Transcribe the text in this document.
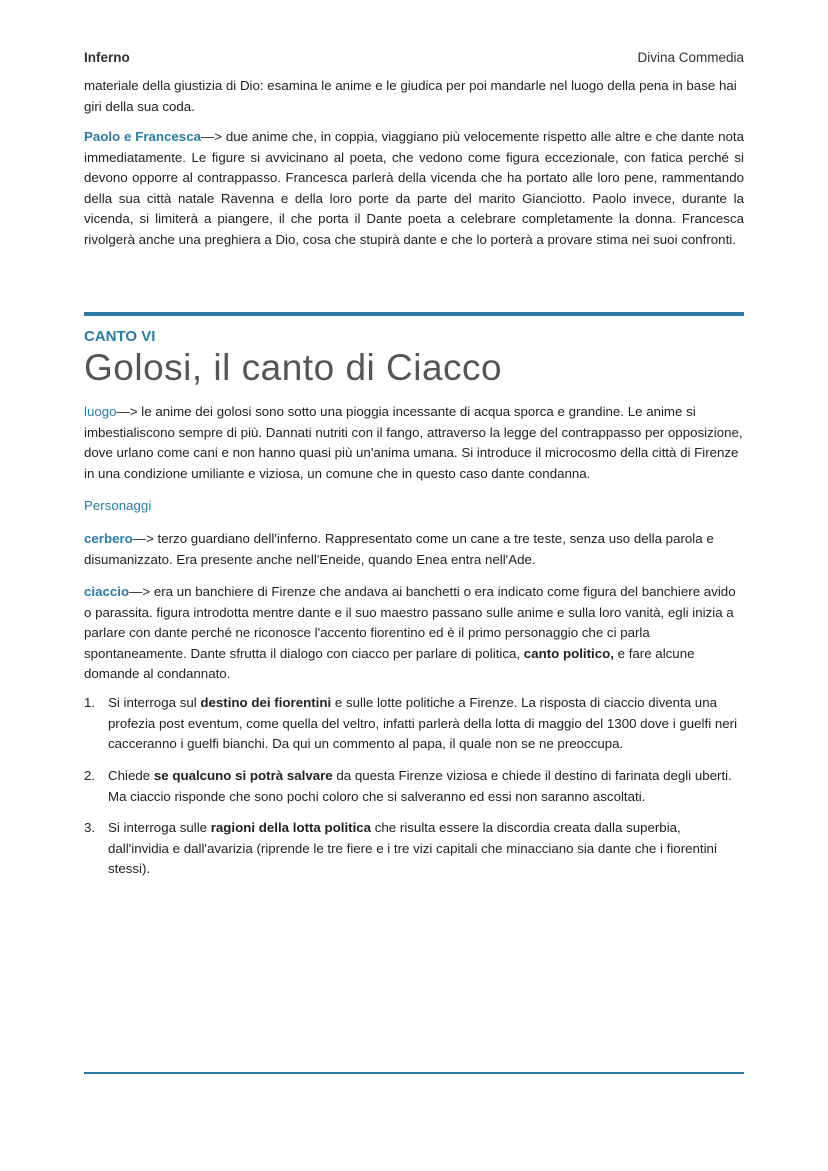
Inferno	Divina Commedia

materiale della giustizia di Dio: esamina le anime e le giudica per poi mandarle nel luogo della pena in base hai giri della sua coda.

Paolo e Francesca—> due anime che, in coppia, viaggiano più velocemente rispetto alle altre e che dante nota immediatamente. Le figure si avvicinano al poeta, che vedono come figura eccezionale, con fatica perché si devono opporre al contrappasso. Francesca parlerà della vicenda che ha portato alle loro pene, rammentando della sua città natale Ravenna e della loro porte da parte del marito Gianciotto. Paolo invece, durante la vicenda, si limiterà a piangere, il che porta il Dante poeta a celebrare completamente la donna. Francesca rivolgerà anche una preghiera a Dio, cosa che stupirà dante e che lo porterà a provare stima nei suoi confronti.

CANTO VI
Golosi, il canto di Ciacco

luogo—> le anime dei golosi sono sotto una pioggia incessante di acqua sporca e grandine. Le anime si imbestialiscono sempre di più. Dannati nutriti con il fango, attraverso la legge del contrappasso per opposizione, dove urlano come cani e non hanno quasi più un'anima umana. Si introduce il microcosmo della città di Firenze in una condizione umiliante e viziosa, un comune che in questo caso dante condanna.

Personaggi

cerbero—> terzo guardiano dell'inferno. Rappresentato come un cane a tre teste, senza uso della parola e disumanizzato. Era presente anche nell'Eneide, quando Enea entra nell'Ade.

ciaccio—> era un banchiere di Firenze che andava ai banchetti o era indicato come figura del banchiere avido o parassita. figura introdotta mentre dante e il suo maestro passano sulle anime e sulla loro vanità, egli inizia a parlare con dante perché ne riconosce l'accento fiorentino ed è il primo personaggio che ci parla spontaneamente. Dante sfrutta il dialogo con ciacco per parlare di politica, canto politico, e fare alcune domande al condannato.

1. Si interroga sul destino dei fiorentini e sulle lotte politiche a Firenze. La risposta di ciaccio diventa una profezia post eventum, come quella del veltro, infatti parlerà della lotta di maggio del 1300 dove i guelfi neri cacceranno i guelfi bianchi. Da qui un commento al papa, il quale non se ne preoccupa.

2. Chiede se qualcuno si potrà salvare da questa Firenze viziosa e chiede il destino di farinata degli uberti. Ma ciaccio risponde che sono pochi coloro che si salveranno ed essi non saranno ascoltati.

3. Si interroga sulle ragioni della lotta politica che risulta essere la discordia creata dalla superbia, dall'invidia e dall'avarizia (riprende le tre fiere e i tre vizi capitali che minacciano sia dante che i fiorentini stessi).
